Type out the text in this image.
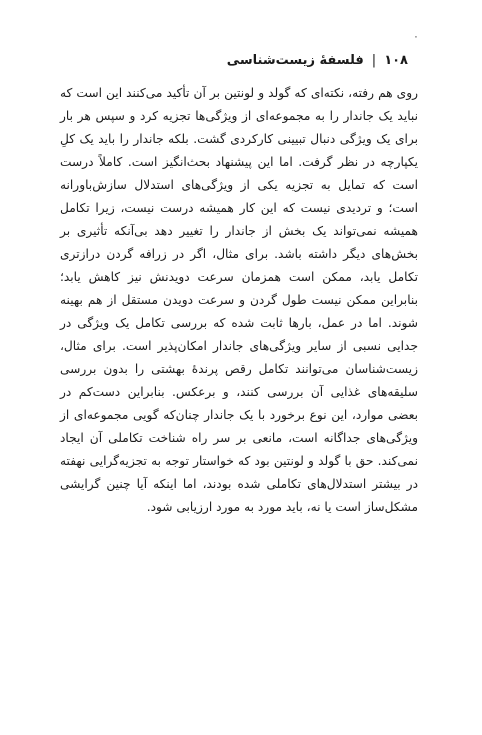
۰
۱۰۸|فلسفهٔ زیست‌شناسی

روی هم رفته، نکته‌ای که گولد و لونتین بر آن تأکید می‌کنند این است که نباید یک جاندار را به مجموعه‌ای از ویژگی‌ها تجزیه کرد و سپس هر بار برای یک ویژگی دنبال تبیینی کارکردی گشت. بلکه جاندار را باید یک کلِ یکپارچه در نظر گرفت. اما این پیشنهاد بحث‌انگیز است. کاملاً درست است که تمایل به تجزیه یکی از ویژگی‌های استدلال سازش‌باورانه است؛ و تردیدی نیست که این کار همیشه درست نیست، زیرا تکامل همیشه نمی‌تواند یک بخش از جاندار را تغییر دهد بی‌آنکه تأثیری بر بخش‌های دیگر داشته باشد. برای مثال، اگر در زرافه گردن درازتری تکامل یابد، ممکن است همزمان سرعت دویدنش نیز کاهش یابد؛ بنابراین ممکن نیست طول گردن و سرعت دویدن مستقل از هم بهینه شوند. اما در عمل، بارها ثابت شده که بررسی تکامل یک ویژگی در جدایی نسبی از سایر ویژگی‌های جاندار امکان‌پذیر است. برای مثال، زیست‌شناسان می‌توانند تکامل رقص پرندهٔ بهشتی را بدون بررسی سلیقه‌های غذایی آن بررسی کنند، و برعکس. بنابراین دست‌کم در بعضی موارد، این نوع برخورد با یک جاندار چنان‌که گویی مجموعه‌ای از ویژگی‌های جداگانه است، مانعی بر سر راه شناخت تکاملی آن ایجاد نمی‌کند. حق با گولد و لونتین بود که خواستار توجه به تجزیه‌گرایی نهفته در بیشتر استدلال‌های تکاملی شده بودند، اما اینکه آیا چنین گرایشی مشکل‌ساز است یا نه، باید مورد به مورد ارزیابی شود.
